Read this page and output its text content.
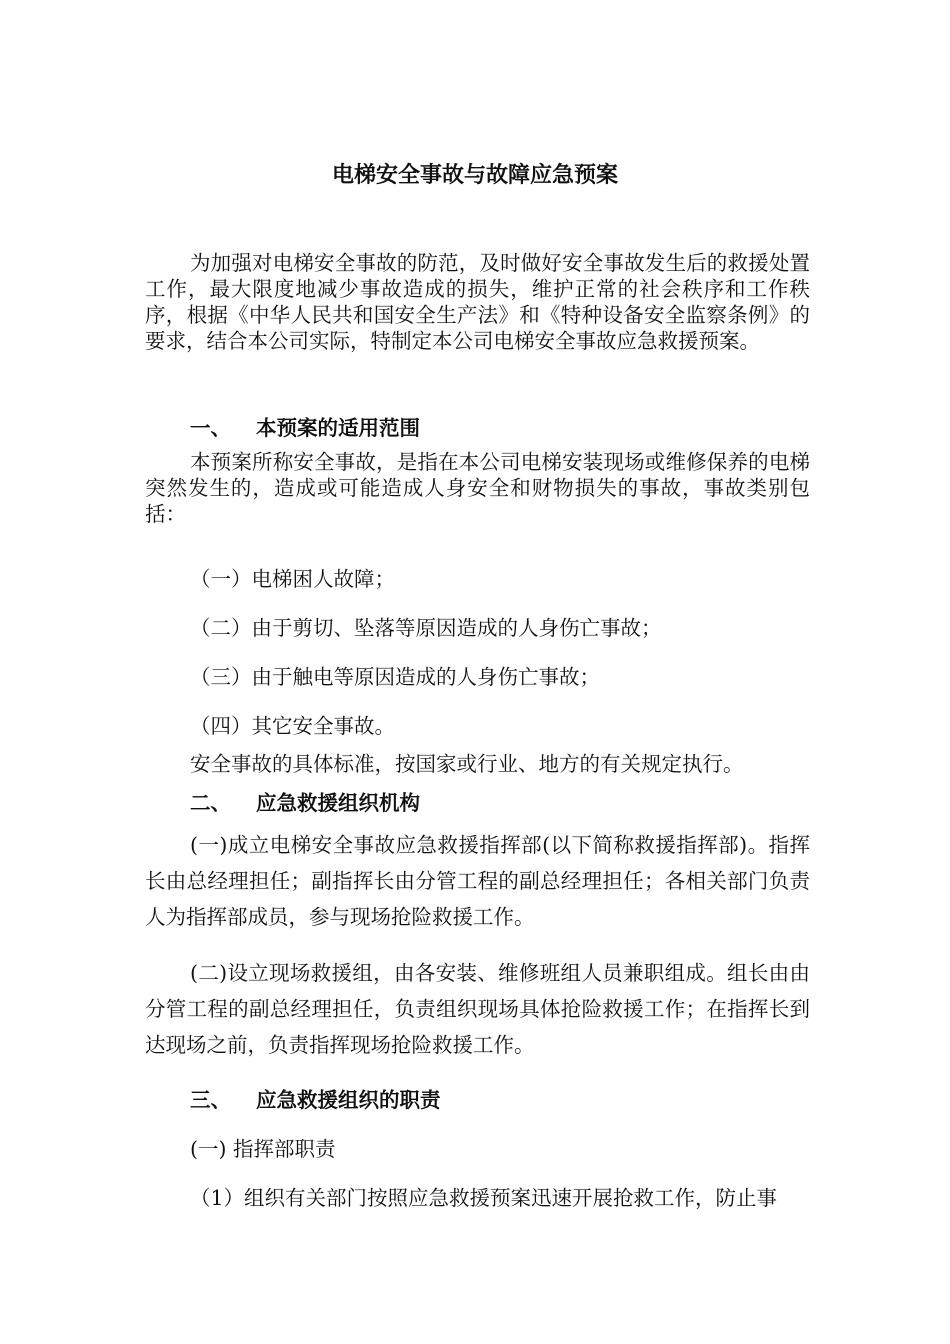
电梯安全事故与故障应急预案
为加强对电梯安全事故的防范，及时做好安全事故发生后的救援处置工作，最大限度地减少事故造成的损失，维护正常的社会秩序和工作秩序，根据《中华人民共和国安全生产法》和《特种设备安全监察条例》的要求，结合本公司实际，特制定本公司电梯安全事故应急救援预案。
一、 本预案的适用范围
本预案所称安全事故，是指在本公司电梯安装现场或维修保养的电梯突然发生的，造成或可能造成人身安全和财物损失的事故，事故类别包括：
（一）电梯困人故障；
（二）由于剪切、坠落等原因造成的人身伤亡事故；
（三）由于触电等原因造成的人身伤亡事故；
（四）其它安全事故。
安全事故的具体标准，按国家或行业、地方的有关规定执行。
二、 应急救援组织机构
(一)成立电梯安全事故应急救援指挥部(以下简称救援指挥部)。指挥长由总经理担任；副指挥长由分管工程的副总经理担任；各相关部门负责人为指挥部成员，参与现场抢险救援工作。
(二)设立现场救援组，由各安装、维修班组人员兼职组成。组长由由分管工程的副总经理担任，负责组织现场具体抢险救援工作；在指挥长到达现场之前，负责指挥现场抢险救援工作。
三、 应急救援组织的职责
(一) 指挥部职责
（1）组织有关部门按照应急救援预案迅速开展抢救工作，防止事
